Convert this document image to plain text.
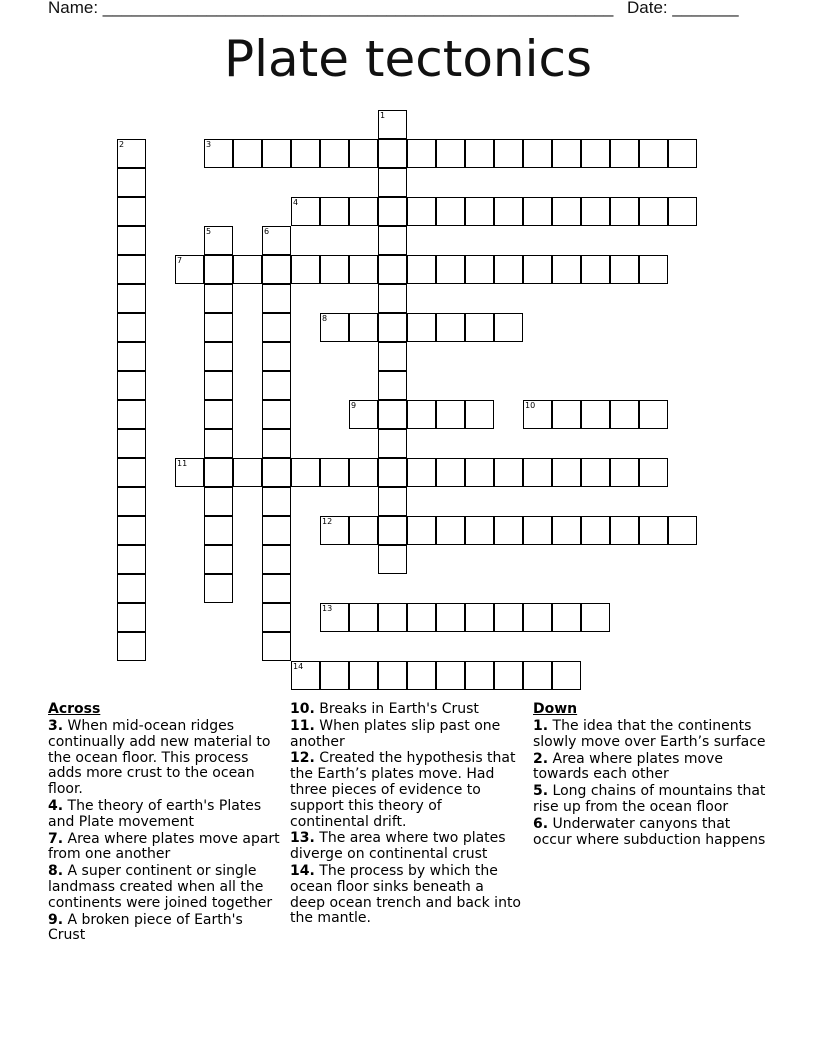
Name: ______________________________________________________ Date: _______
Plate tectonics
1
2	3
4
5	6
7
8
9	10
11
12
13
14
Across
3. When mid-ocean ridges continually add new material to the ocean floor. This process adds more crust to the ocean floor.
4. The theory of earth's Plates and Plate movement
7. Area where plates move apart from one another
8. A super continent or single landmass created when all the continents were joined together
9. A broken piece of Earth's Crust
10. Breaks in Earth's Crust
11. When plates slip past one another
12. Created the hypothesis that the Earth’s plates move. Had three pieces of evidence to support this theory of continental drift.
13. The area where two plates diverge on continental crust
14. The process by which the ocean floor sinks beneath a deep ocean trench and back into the mantle.
Down
1. The idea that the continents slowly move over Earth’s surface
2. Area where plates move towards each other
5. Long chains of mountains that rise up from the ocean floor
6. Underwater canyons that occur where subduction happens
